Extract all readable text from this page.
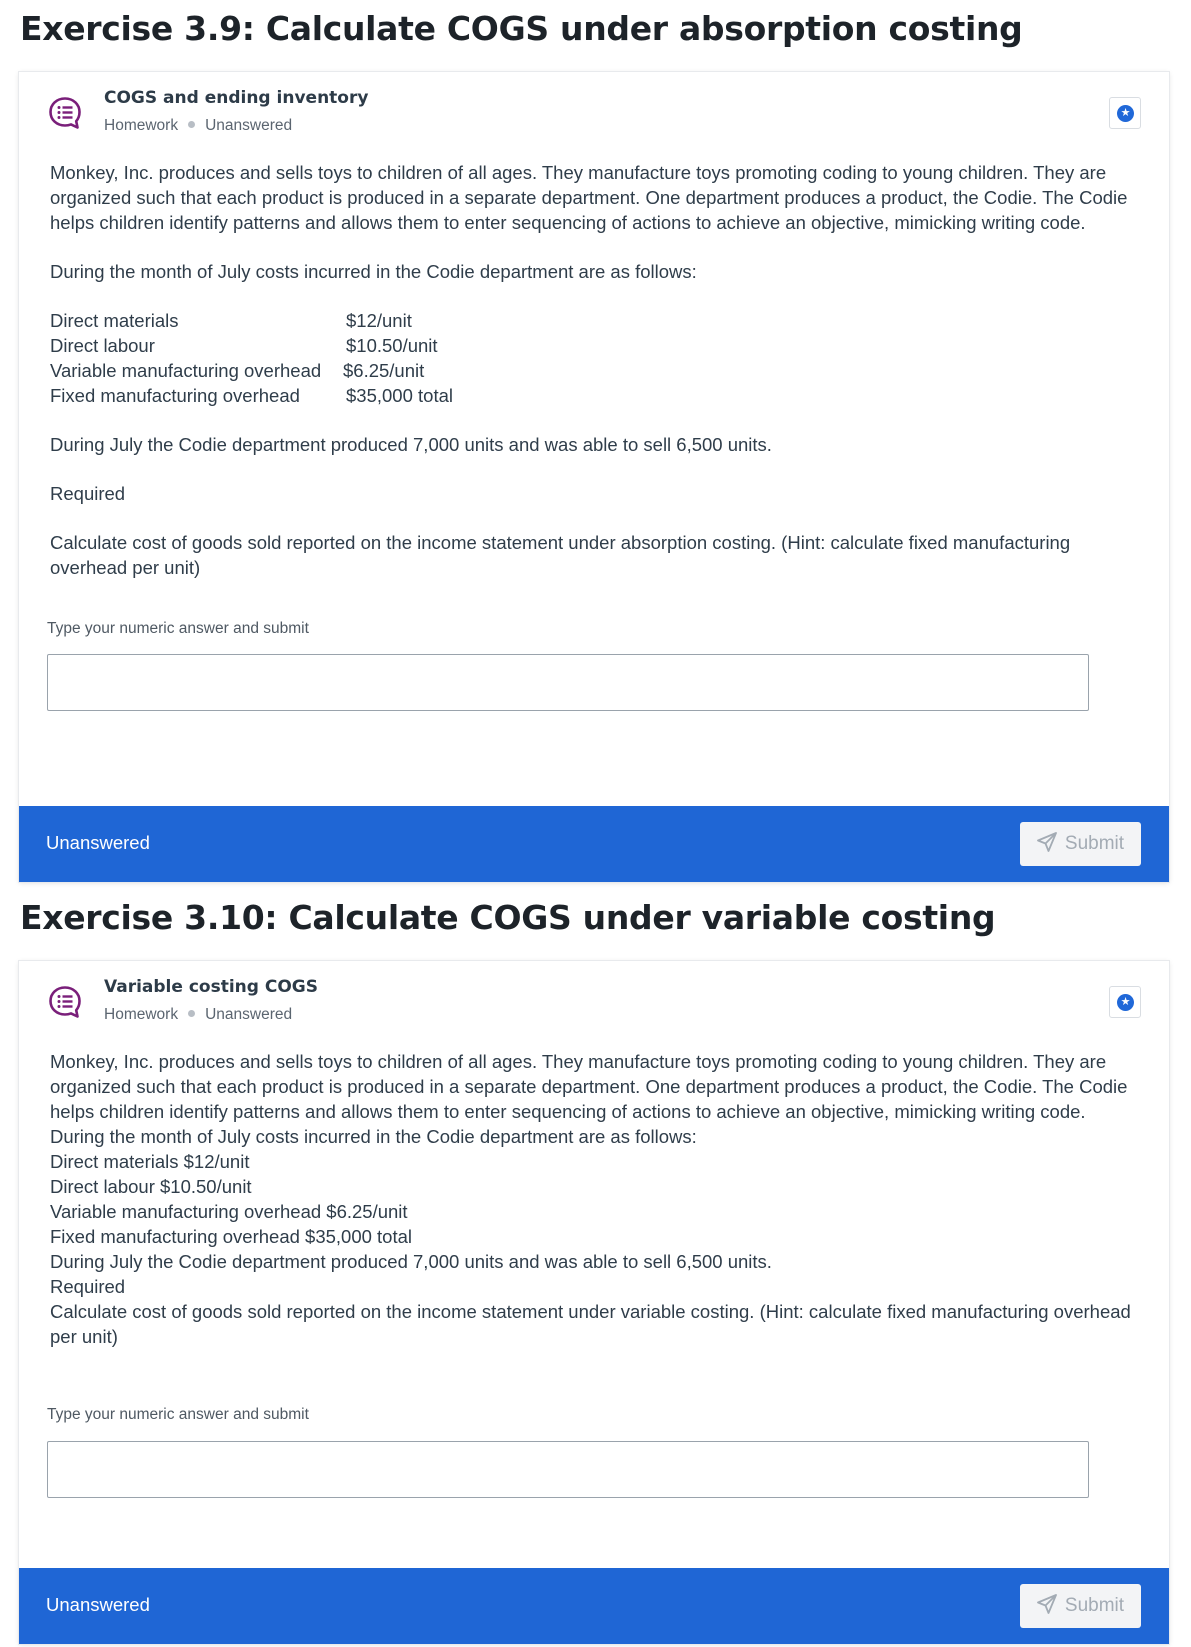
Exercise 3.9: Calculate COGS under absorption costing
COGS and ending inventory
Homework Unanswered
★

Monkey, Inc. produces and sells toys to children of all ages. They manufacture toys promoting coding to young children. They are organized such that each product is produced in a separate department. One department produces a product, the Codie. The Codie helps children identify patterns and allows them to enter sequencing of actions to achieve an objective, mimicking writing code.

During the month of July costs incurred in the Codie department are as follows:

Direct materials	$12/unit
Direct labour	$10.50/unit
Variable manufacturing overhead	$6.25/unit
Fixed manufacturing overhead	$35,000 total

During July the Codie department produced 7,000 units and was able to sell 6,500 units.

Required

Calculate cost of goods sold reported on the income statement under absorption costing. (Hint: calculate fixed manufacturing overhead per unit)

Type your numeric answer and submit
Unanswered	Submit
Exercise 3.10: Calculate COGS under variable costing
Variable costing COGS
Homework Unanswered
★

Monkey, Inc. produces and sells toys to children of all ages. They manufacture toys promoting coding to young children. They are organized such that each product is produced in a separate department. One department produces a product, the Codie. The Codie helps children identify patterns and allows them to enter sequencing of actions to achieve an objective, mimicking writing code.

During the month of July costs incurred in the Codie department are as follows:

Direct materials $12/unit

Direct labour $10.50/unit

Variable manufacturing overhead $6.25/unit

Fixed manufacturing overhead $35,000 total

During July the Codie department produced 7,000 units and was able to sell 6,500 units.

Required

Calculate cost of goods sold reported on the income statement under variable costing. (Hint: calculate fixed manufacturing overhead per unit)

Type your numeric answer and submit
Unanswered	Submit
